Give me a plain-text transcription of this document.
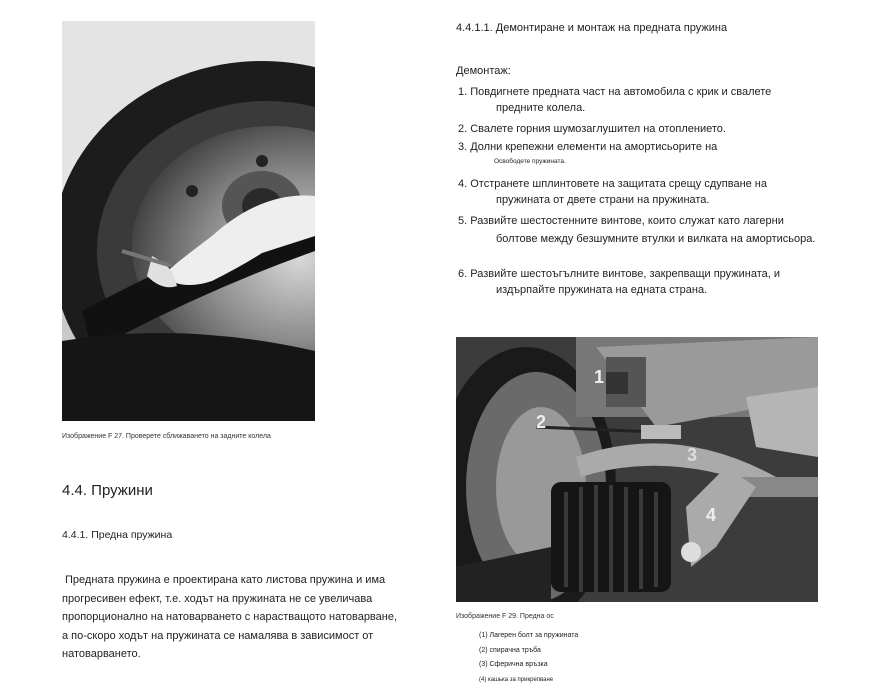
Изображение F 27. Проверете сближаването на задните колела
4.4. Пружини
4.4.1. Предна пружина
Предната пружина е проектирана като листова пружина и има
прогресивен ефект, т.е. ходът на пружината не се увеличава
пропорционално на натоварването с нарастващото натоварване,
а по-скоро ходът на пружината се намалява в зависимост от
натоварването.
4.4.1.1. Демонтиране и монтаж на предната пружина
Демонтаж:
1. Повдигнете предната част на автомобила с крик и свалете
предните колела.
2. Свалете горния шумозаглушител на отоплението.
3. Долни крепежни елементи на амортисьорите на
Освободете пружината.
4. Отстранете шплинтовете на защитата срещу сдупване на
пружината от двете страни на пружината.
5. Развийте шестостенните винтове, които служат като лагерни
болтове между безшумните втулки и вилката на амортисьора.
6. Развийте шестоъгълните винтове, закрепващи пружината, и
издърпайте пружината на едната страна.
1
2
3
4
Изображение F 29. Предна ос
(1) Лагерен болт за пружината
(2) спирачна тръба
(3) Сферична връзка
(4) кашька за прикрепване
